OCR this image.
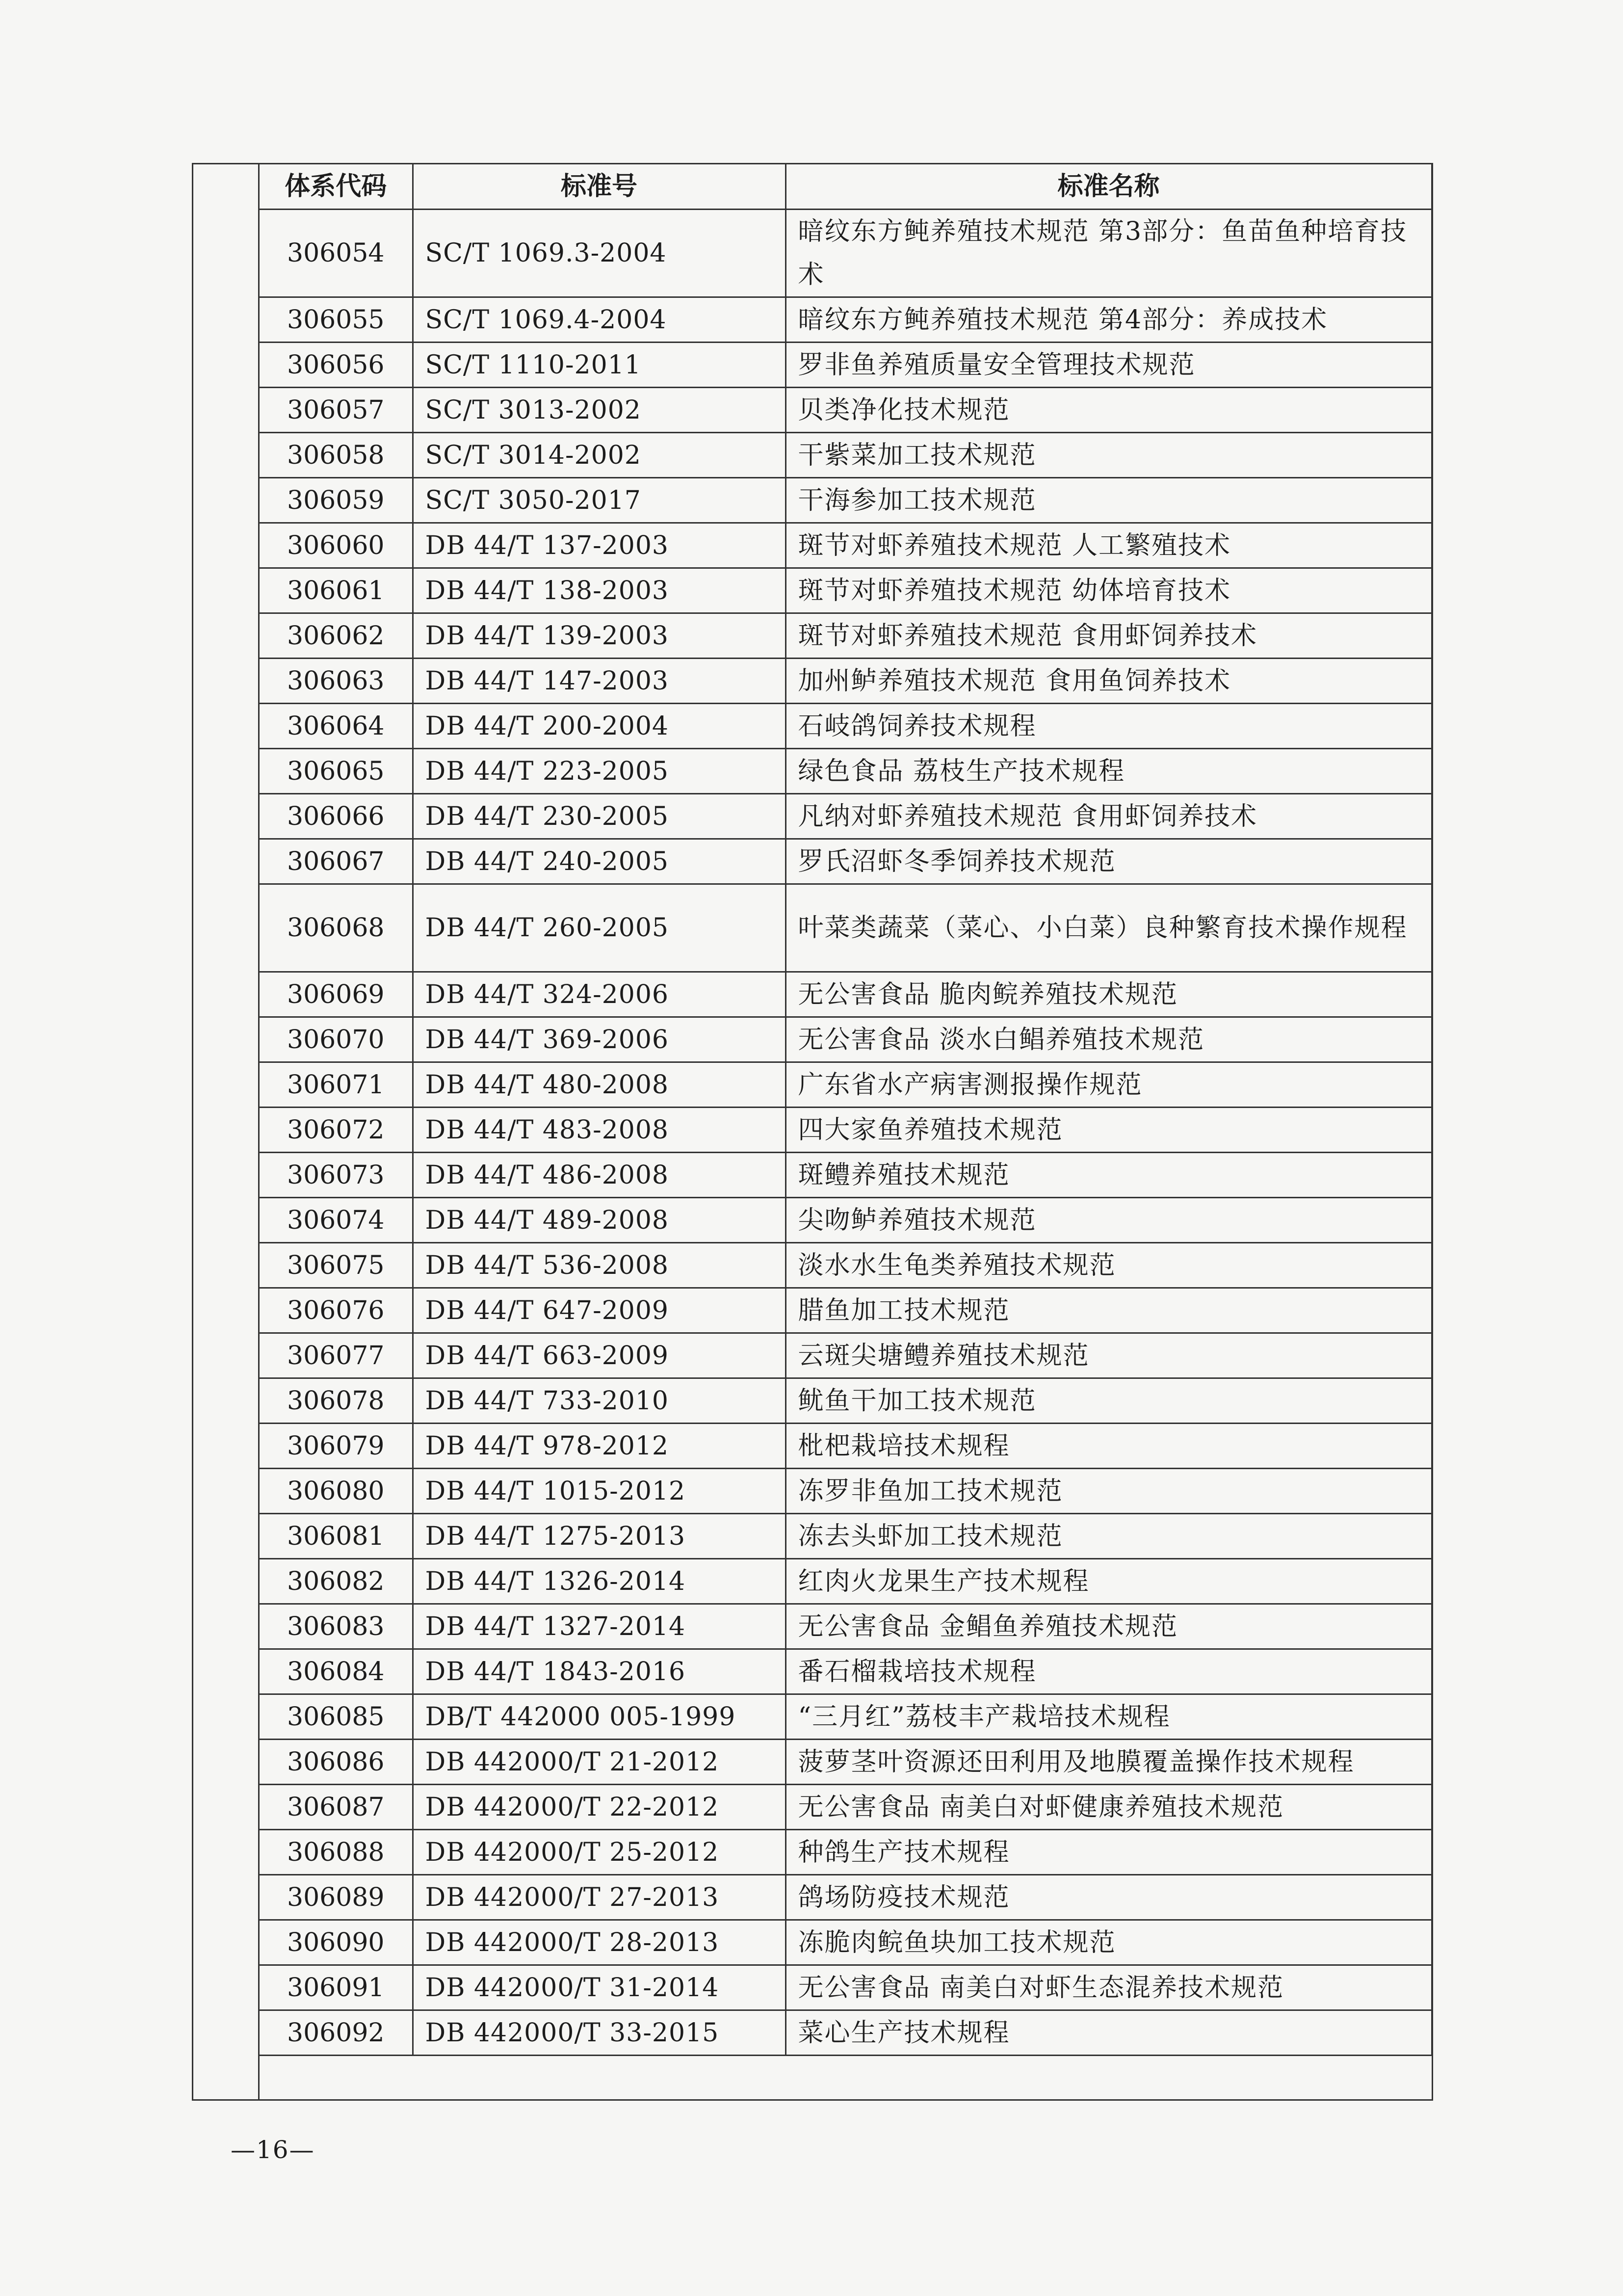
体系代码	标准号	标准名称
306054	SC/T 1069.3-2004	暗纹东方鲀养殖技术规范 第3部分：鱼苗鱼种培育技术
306055	SC/T 1069.4-2004	暗纹东方鲀养殖技术规范 第4部分：养成技术
306056	SC/T 1110-2011	罗非鱼养殖质量安全管理技术规范
306057	SC/T 3013-2002	贝类净化技术规范
306058	SC/T 3014-2002	干紫菜加工技术规范
306059	SC/T 3050-2017	干海参加工技术规范
306060	DB 44/T 137-2003	斑节对虾养殖技术规范 人工繁殖技术
306061	DB 44/T 138-2003	斑节对虾养殖技术规范 幼体培育技术
306062	DB 44/T 139-2003	斑节对虾养殖技术规范 食用虾饲养技术
306063	DB 44/T 147-2003	加州鲈养殖技术规范 食用鱼饲养技术
306064	DB 44/T 200-2004	石岐鸽饲养技术规程
306065	DB 44/T 223-2005	绿色食品 荔枝生产技术规程
306066	DB 44/T 230-2005	凡纳对虾养殖技术规范 食用虾饲养技术
306067	DB 44/T 240-2005	罗氏沼虾冬季饲养技术规范
306068	DB 44/T 260-2005	叶菜类蔬菜（菜心、小白菜）良种繁育技术操作规程
306069	DB 44/T 324-2006	无公害食品 脆肉鲩养殖技术规范
306070	DB 44/T 369-2006	无公害食品 淡水白鲳养殖技术规范
306071	DB 44/T 480-2008	广东省水产病害测报操作规范
306072	DB 44/T 483-2008	四大家鱼养殖技术规范
306073	DB 44/T 486-2008	斑鳢养殖技术规范
306074	DB 44/T 489-2008	尖吻鲈养殖技术规范
306075	DB 44/T 536-2008	淡水水生龟类养殖技术规范
306076	DB 44/T 647-2009	腊鱼加工技术规范
306077	DB 44/T 663-2009	云斑尖塘鳢养殖技术规范
306078	DB 44/T 733-2010	鱿鱼干加工技术规范
306079	DB 44/T 978-2012	枇杷栽培技术规程
306080	DB 44/T 1015-2012	冻罗非鱼加工技术规范
306081	DB 44/T 1275-2013	冻去头虾加工技术规范
306082	DB 44/T 1326-2014	红肉火龙果生产技术规程
306083	DB 44/T 1327-2014	无公害食品 金鲳鱼养殖技术规范
306084	DB 44/T 1843-2016	番石榴栽培技术规程
306085	DB/T 442000 005-1999	“三月红”荔枝丰产栽培技术规程
306086	DB 442000/T 21-2012	菠萝茎叶资源还田利用及地膜覆盖操作技术规程
306087	DB 442000/T 22-2012	无公害食品 南美白对虾健康养殖技术规范
306088	DB 442000/T 25-2012	种鸽生产技术规程
306089	DB 442000/T 27-2013	鸽场防疫技术规范
306090	DB 442000/T 28-2013	冻脆肉鲩鱼块加工技术规范
306091	DB 442000/T 31-2014	无公害食品 南美白对虾生态混养技术规范
306092	DB 442000/T 33-2015	菜心生产技术规程
—16—
